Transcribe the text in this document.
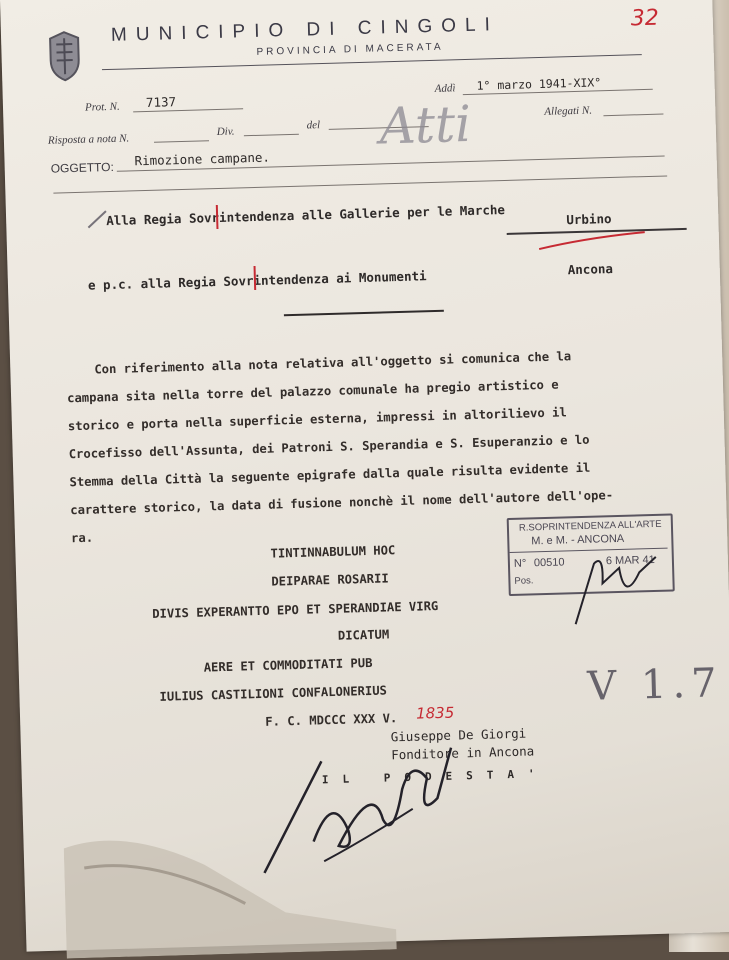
MUNICIPIO DI CINGOLI
PROVINCIA DI MACERATA
32
Prot. N. 7137
Addì 1° marzo 1941-XIX°
Risposta a nota N.
Div.
del
Allegati N.
OGGETTO: Rimozione campane.
Atti
Alla Regia Sovrintendenza alle Gallerie per le Marche	Urbino
e p.c. alla Regia Sovrintendenza ai Monumenti	Ancona
Con riferimento alla nota relativa all'oggetto si comunica che la
campana sita nella torre del palazzo comunale ha pregio artistico e
storico e porta nella superficie esterna, impressi in altorilievo il
Crocefisso dell'Assunta, dei Patroni S. Sperandia e S. Esuperanzio e lo
Stemma della Città la seguente epigrafe dalla quale risulta evidente il
carattere storico, la data di fusione nonchè il nome dell'autore dell'ope-
ra.
TINTINNABULUM HOC
DEIPARAE ROSARII
DIVIS EXPERANTTO EPO ET SPERANDIAE VIRG
DICATUM
AERE ET COMMODITATI PUB
IULIUS CASTILIONI CONFALONERIUS
F. C. MDCCC XXX V. 1835
Giuseppe De Giorgi
Fonditore in Ancona
IL PODESTA'
R.SOPRINTENDENZA ALL'ARTE
M. e M. - ANCONA
N° 00510	6 MAR 41
Pos.
V 1.7
